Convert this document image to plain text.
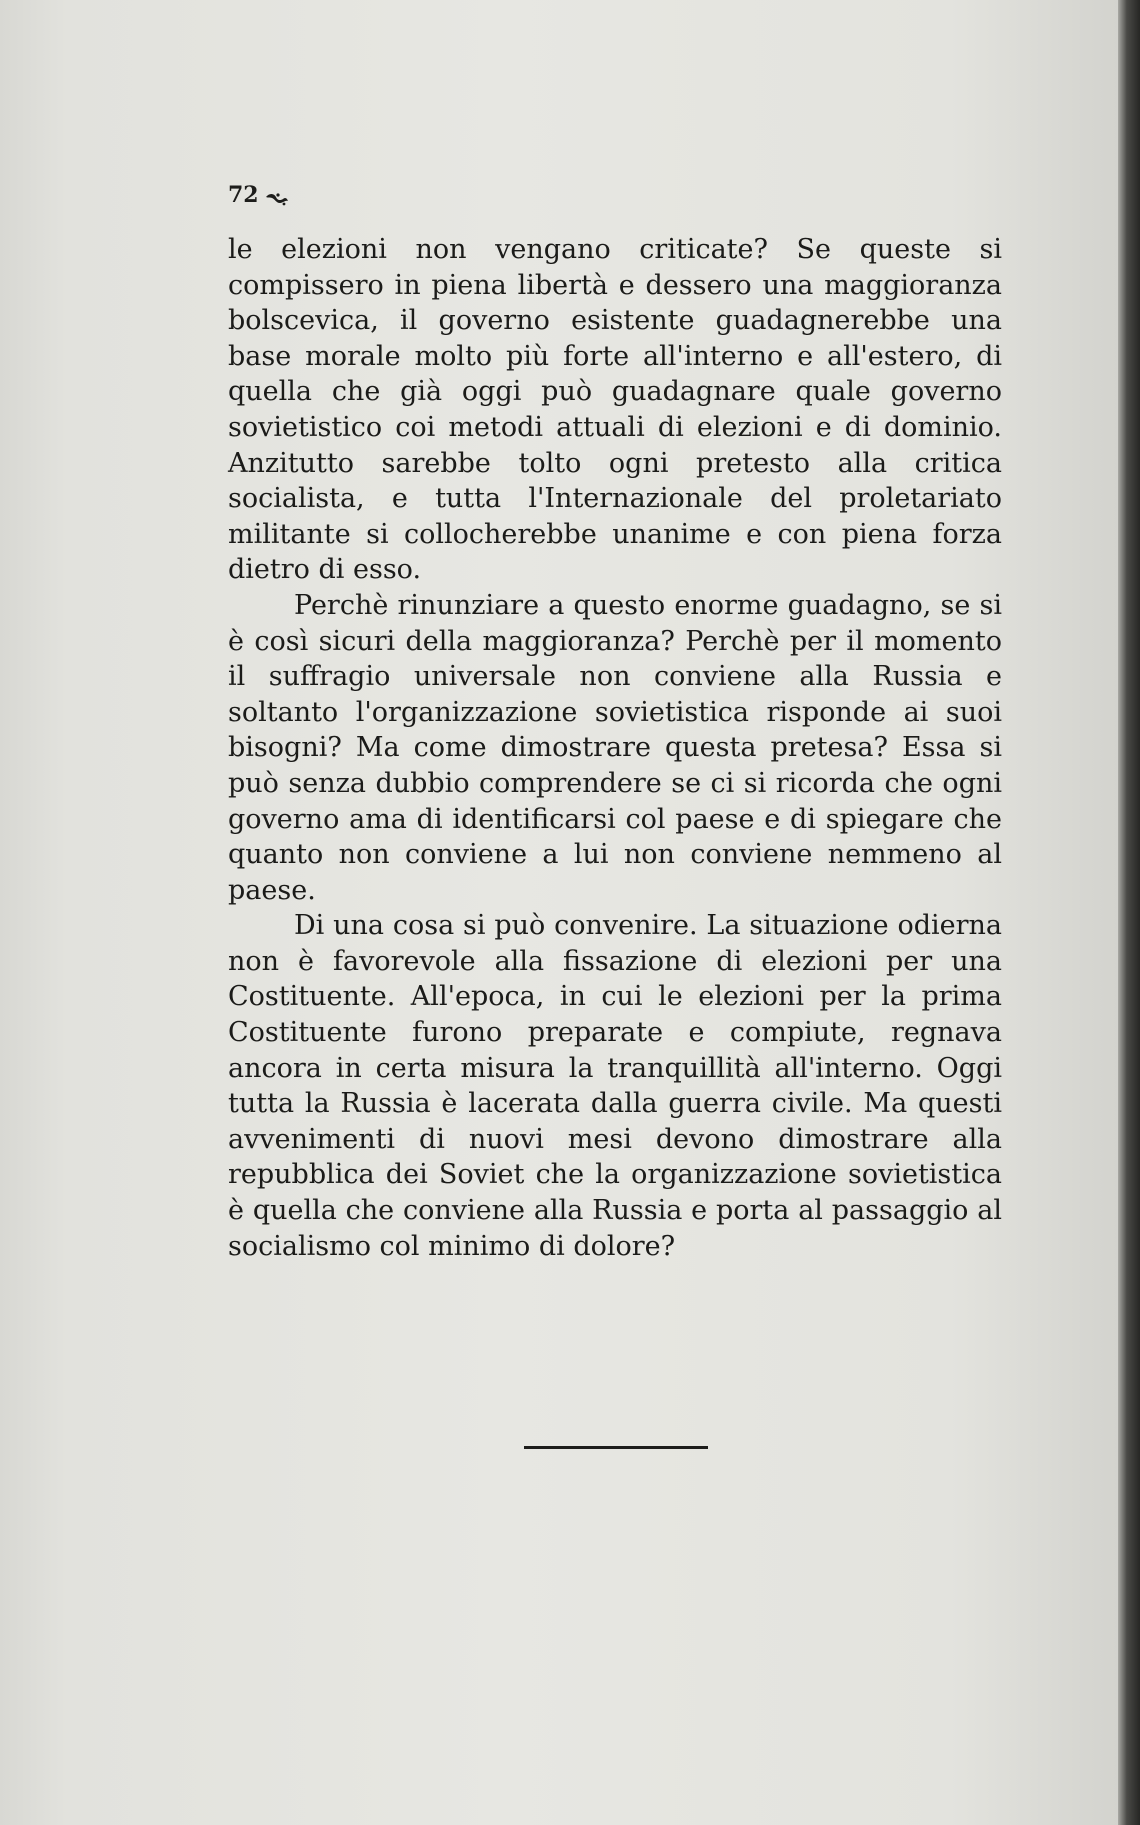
72

le elezioni non vengano criticate? Se queste si compissero in piena libertà e dessero una maggioranza bolscevica, il governo esistente guadagnerebbe una base morale molto più forte all'interno e all'estero, di quella che già oggi può guadagnare quale governo sovietistico coi metodi attuali di elezioni e di dominio. Anzitutto sarebbe tolto ogni pretesto alla critica socialista, e tutta l'Internazionale del proletariato militante si collocherebbe unanime e con piena forza dietro di esso.

Perchè rinunziare a questo enorme guadagno, se si è così sicuri della maggioranza? Perchè per il momento il suffragio universale non conviene alla Russia e soltanto l'organizzazione sovietistica risponde ai suoi bisogni? Ma come dimostrare questa pretesa? Essa si può senza dubbio comprendere se ci si ricorda che ogni governo ama di identificarsi col paese e di spiegare che quanto non conviene a lui non conviene nemmeno al paese.

Di una cosa si può convenire. La situazione odierna non è favorevole alla fissazione di elezioni per una Costituente. All'epoca, in cui le elezioni per la prima Costituente furono preparate e compiute, regnava ancora in certa misura la tranquillità all'interno. Oggi tutta la Russia è lacerata dalla guerra civile. Ma questi avvenimenti di nuovi mesi devono dimostrare alla repubblica dei Soviet che la organizzazione sovietistica è quella che conviene alla Russia e porta al passaggio al socialismo col minimo di dolore?
